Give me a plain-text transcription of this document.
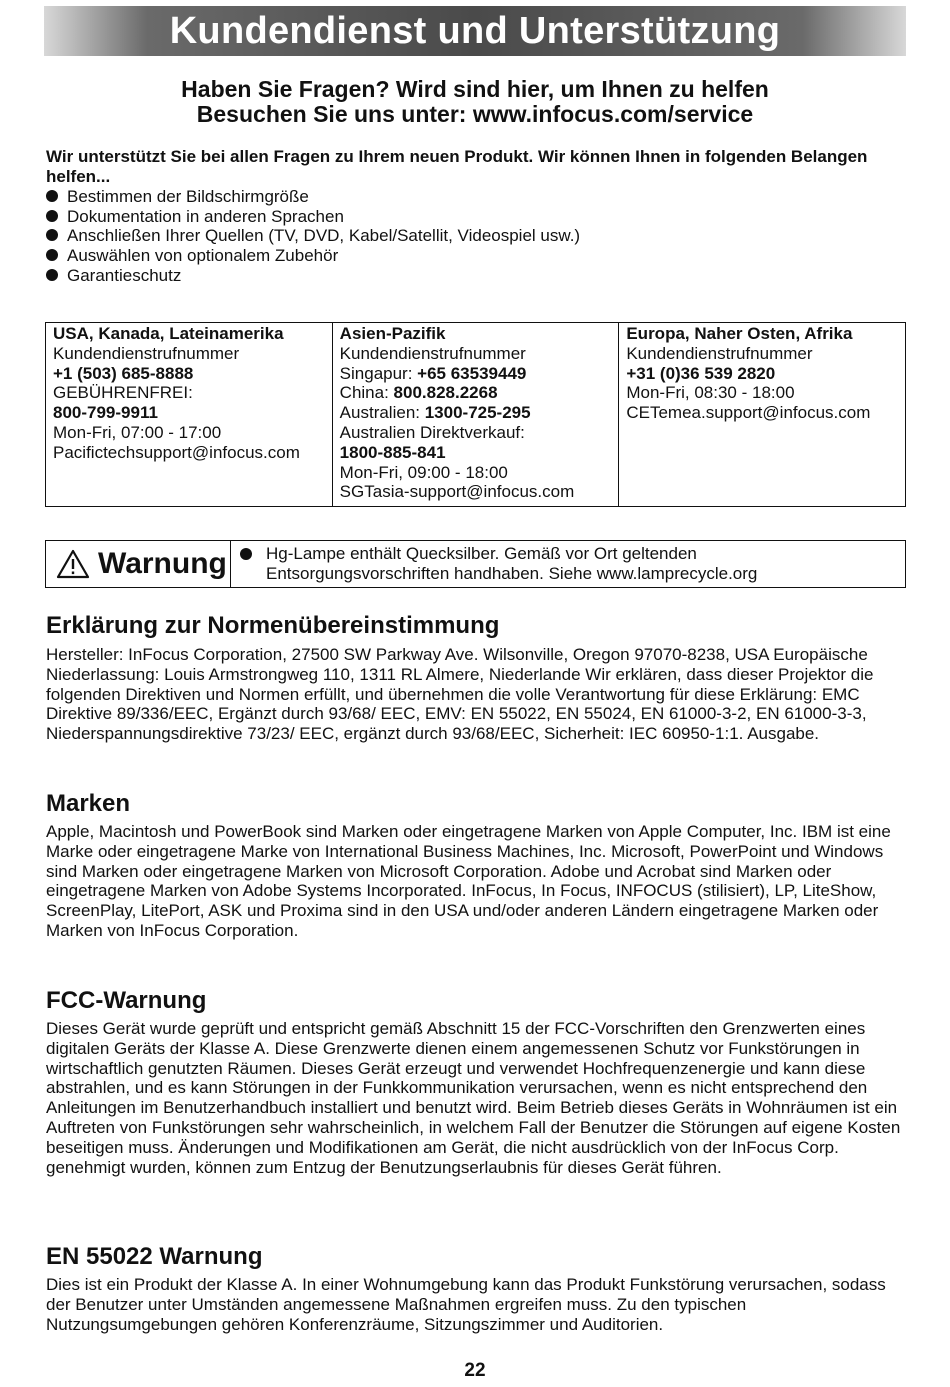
Kundendienst und Unterstützung
Haben Sie Fragen? Wird sind hier, um Ihnen zu helfen
Besuchen Sie uns unter: www.infocus.com/service
Wir unterstützt Sie bei allen Fragen zu Ihrem neuen Produkt. Wir können Ihnen in folgenden Belangen helfen...
Bestimmen der Bildschirmgröße
Dokumentation in anderen Sprachen
Anschließen Ihrer Quellen (TV, DVD, Kabel/Satellit, Videospiel usw.)
Auswählen von optionalem Zubehör
Garantieschutz
USA, Kanada, Lateinamerika
Kundendienstrufnummer
+1 (503) 685-8888
GEBÜHRENFREI:
800-799-9911
Mon-Fri, 07:00 - 17:00
Pacifictechsupport@infocus.com
Asien-Pazifik
Kundendienstrufnummer
Singapur: +65 63539449
China: 800.828.2268
Australien: 1300-725-295
Australien Direktverkauf:
1800-885-841
Mon-Fri, 09:00 - 18:00
SGTasia-support@infocus.com
Europa, Naher Osten, Afrika
Kundendienstrufnummer
+31 (0)36 539 2820
Mon-Fri, 08:30 - 18:00
CETemea.support@infocus.com
Warnung Hg-Lampe enthält Quecksilber. Gemäß vor Ort geltenden
Entsorgungsvorschriften handhaben. Siehe www.lamprecycle.org
Erklärung zur Normenübereinstimmung
Hersteller: InFocus Corporation, 27500 SW Parkway Ave. Wilsonville, Oregon 97070-8238, USA Europäische Niederlassung: Louis Armstrongweg 110, 1311 RL Almere, Niederlande Wir erklären, dass dieser Projektor die folgenden Direktiven und Normen erfüllt, und übernehmen die volle Verantwortung für diese Erklärung: EMC Direktive 89/336/EEC, Ergänzt durch 93/68/ EEC, EMV: EN 55022, EN 55024, EN 61000-3-2, EN 61000-3-3, Niederspannungsdirektive 73/23/ EEC, ergänzt durch 93/68/EEC, Sicherheit: IEC 60950-1:1. Ausgabe.
Marken
Apple, Macintosh und PowerBook sind Marken oder eingetragene Marken von Apple Computer, Inc. IBM ist eine Marke oder eingetragene Marke von International Business Machines, Inc. Microsoft, PowerPoint und Windows sind Marken oder eingetragene Marken von Microsoft Corporation. Adobe und Acrobat sind Marken oder eingetragene Marken von Adobe Systems Incorporated. InFocus, In Focus, INFOCUS (stilisiert), LP, LiteShow, ScreenPlay, LitePort, ASK und Proxima sind in den USA und/oder anderen Ländern eingetragene Marken oder Marken von InFocus Corporation.
FCC-Warnung
Dieses Gerät wurde geprüft und entspricht gemäß Abschnitt 15 der FCC-Vorschriften den Grenzwerten eines digitalen Geräts der Klasse A. Diese Grenzwerte dienen einem angemessenen Schutz vor Funkstörungen in wirtschaftlich genutzten Räumen. Dieses Gerät erzeugt und verwendet Hochfrequenzenergie und kann diese abstrahlen, und es kann Störungen in der Funkkommunikation verursachen, wenn es nicht entsprechend den Anleitungen im Benutzerhandbuch installiert und benutzt wird. Beim Betrieb dieses Geräts in Wohnräumen ist ein Auftreten von Funkstörungen sehr wahrscheinlich, in welchem Fall der Benutzer die Störungen auf eigene Kosten beseitigen muss. Änderungen und Modifikationen am Gerät, die nicht ausdrücklich von der InFocus Corp. genehmigt wurden, können zum Entzug der Benutzungserlaubnis für dieses Gerät führen.
EN 55022 Warnung
Dies ist ein Produkt der Klasse A. In einer Wohnumgebung kann das Produkt Funkstörung verursachen, sodass der Benutzer unter Umständen angemessene Maßnahmen ergreifen muss. Zu den typischen Nutzungsumgebungen gehören Konferenzräume, Sitzungszimmer und Auditorien.
22
